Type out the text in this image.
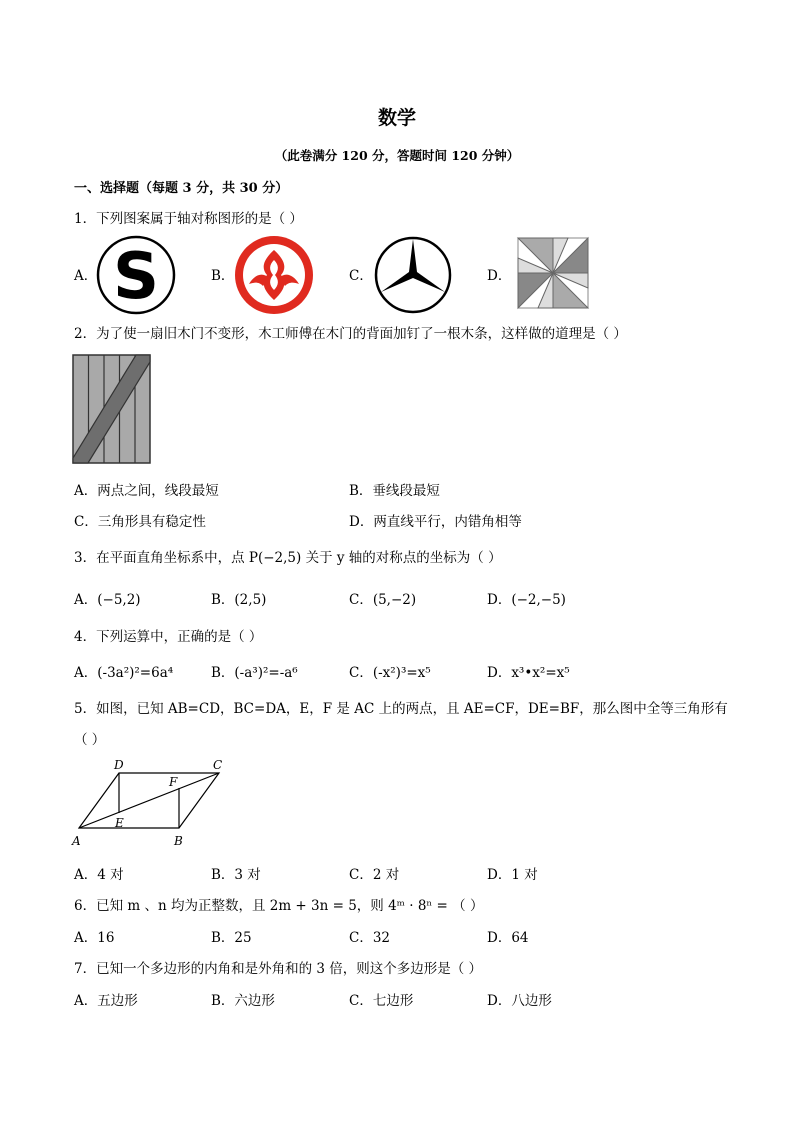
数学
（此卷满分 120 分，答题时间 120 分钟）
一、选择题（每题 3 分，共 30 分）
1．下列图案属于轴对称图形的是（ ）
A． S	B．	C．	D．
2．为了使一扇旧木门不变形，木工师傅在木门的背面加钉了一根木条，这样做的道理是（ ）
A．两点之间，线段最短	B．垂线段最短
C．三角形具有稳定性	D．两直线平行，内错角相等
3．在平面直角坐标系中，点 P(−2,5) 关于 y 轴的对称点的坐标为（ ）
A．(−5,2)	B．(2,5)	C．(5,−2)	D．(−2,−5)
4．下列运算中，正确的是（ ）
A．(-3a²)²=6a⁴	B．(-a³)²=-a⁶	C．(-x²)³=x⁵	D．x³•x²=x⁵
5．如图，已知 AB=CD，BC=DA，E，F 是 AC 上的两点，且 AE=CF，DE=BF，那么图中全等三角形有
（ ）
D	C
F
E
A	B
A．4 对	B．3 对	C．2 对	D．1 对
6．已知 m 、n 均为正整数，且 2m + 3n = 5，则 4ᵐ · 8ⁿ = （ ）
A．16	B．25	C．32	D．64
7．已知一个多边形的内角和是外角和的 3 倍，则这个多边形是（ ）
A．五边形	B．六边形	C．七边形	D．八边形
